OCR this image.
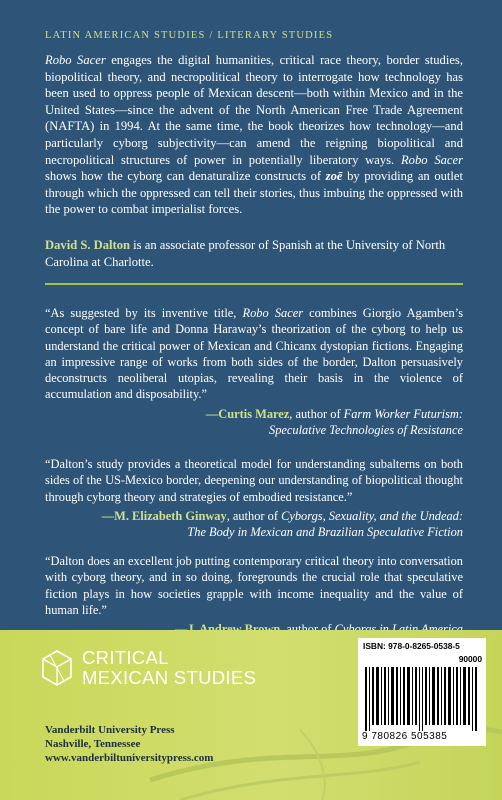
LATIN AMERICAN STUDIES / LITERARY STUDIES

Robo Sacer engages the digital humanities, critical race theory, border studies, biopolitical theory, and necropolitical theory to interrogate how technology has been used to oppress people of Mexican descent—both within Mexico and in the United States—since the advent of the North American Free Trade Agreement (NAFTA) in 1994. At the same time, the book theorizes how technology—and particularly cyborg subjectivity—can amend the reigning biopolitical and necropolitical structures of power in potentially liberatory ways. Robo Sacer shows how the cyborg can denaturalize constructs of zoē by providing an outlet through which the oppressed can tell their stories, thus imbuing the oppressed with the power to combat imperialist forces.

David S. Dalton is an associate professor of Spanish at the University of North Carolina at Charlotte.

“As suggested by its inventive title, Robo Sacer combines Giorgio Agamben’s concept of bare life and Donna Haraway’s theorization of the cyborg to help us understand the critical power of Mexican and Chicanx dystopian fictions. Engaging an impressive range of works from both sides of the border, Dalton persuasively deconstructs neoliberal utopias, revealing their basis in the violence of accumulation and disposability.”

—Curtis Marez, author of Farm Worker Futurism:
Speculative Technologies of Resistance

“Dalton’s study provides a theoretical model for understanding subalterns on both sides of the US-Mexico border, deepening our understanding of biopolitical thought through cyborg theory and strategies of embodied resistance.”

—M. Elizabeth Ginway, author of Cyborgs, Sexuality, and the Undead:
The Body in Mexican and Brazilian Speculative Fiction

“Dalton does an excellent job putting contemporary critical theory into conversation with cyborg theory, and in so doing, foregrounds the crucial role that speculative fiction plays in how societies grapple with income inequality and the value of human life.”

CRITICAL
MEXICAN STUDIES
Vanderbilt University Press
Nashville, Tennessee
www.vanderbiltuniversitypress.com
ISBN: 978-0-8265-0538-5
90000
9 780826 505385
